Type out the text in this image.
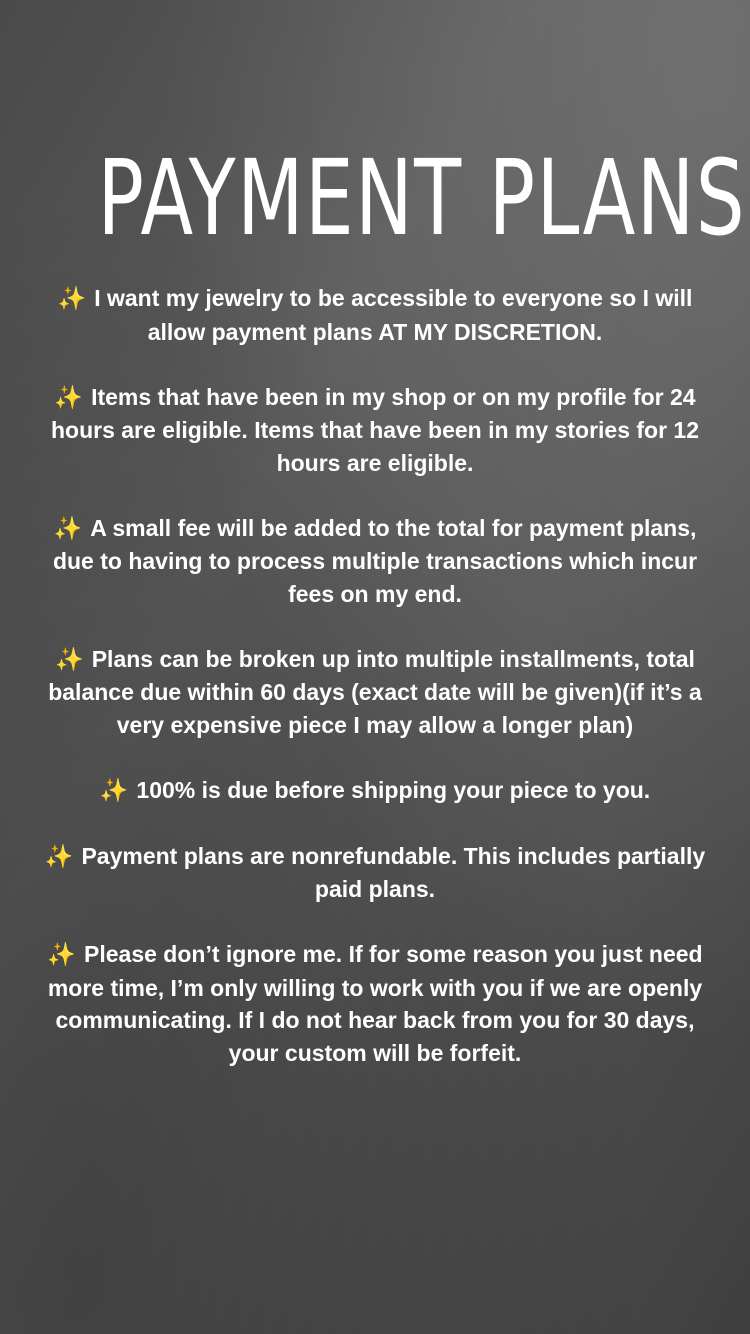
PAYMENT PLANS

✨ I want my jewelry to be accessible to everyone so I will allow payment plans AT MY DISCRETION.

✨ Items that have been in my shop or on my profile for 24 hours are eligible. Items that have been in my stories for 12 hours are eligible.

✨ A small fee will be added to the total for payment plans, due to having to process multiple transactions which incur fees on my end.

✨ Plans can be broken up into multiple installments, total balance due within 60 days (exact date will be given)(if it’s a very expensive piece I may allow a longer plan)

✨ 100% is due before shipping your piece to you.

✨ Payment plans are nonrefundable. This includes partially paid plans.

✨ Please don’t ignore me. If for some reason you just need more time, I’m only willing to work with you if we are openly communicating. If I do not hear back from you for 30 days, your custom will be forfeit.
